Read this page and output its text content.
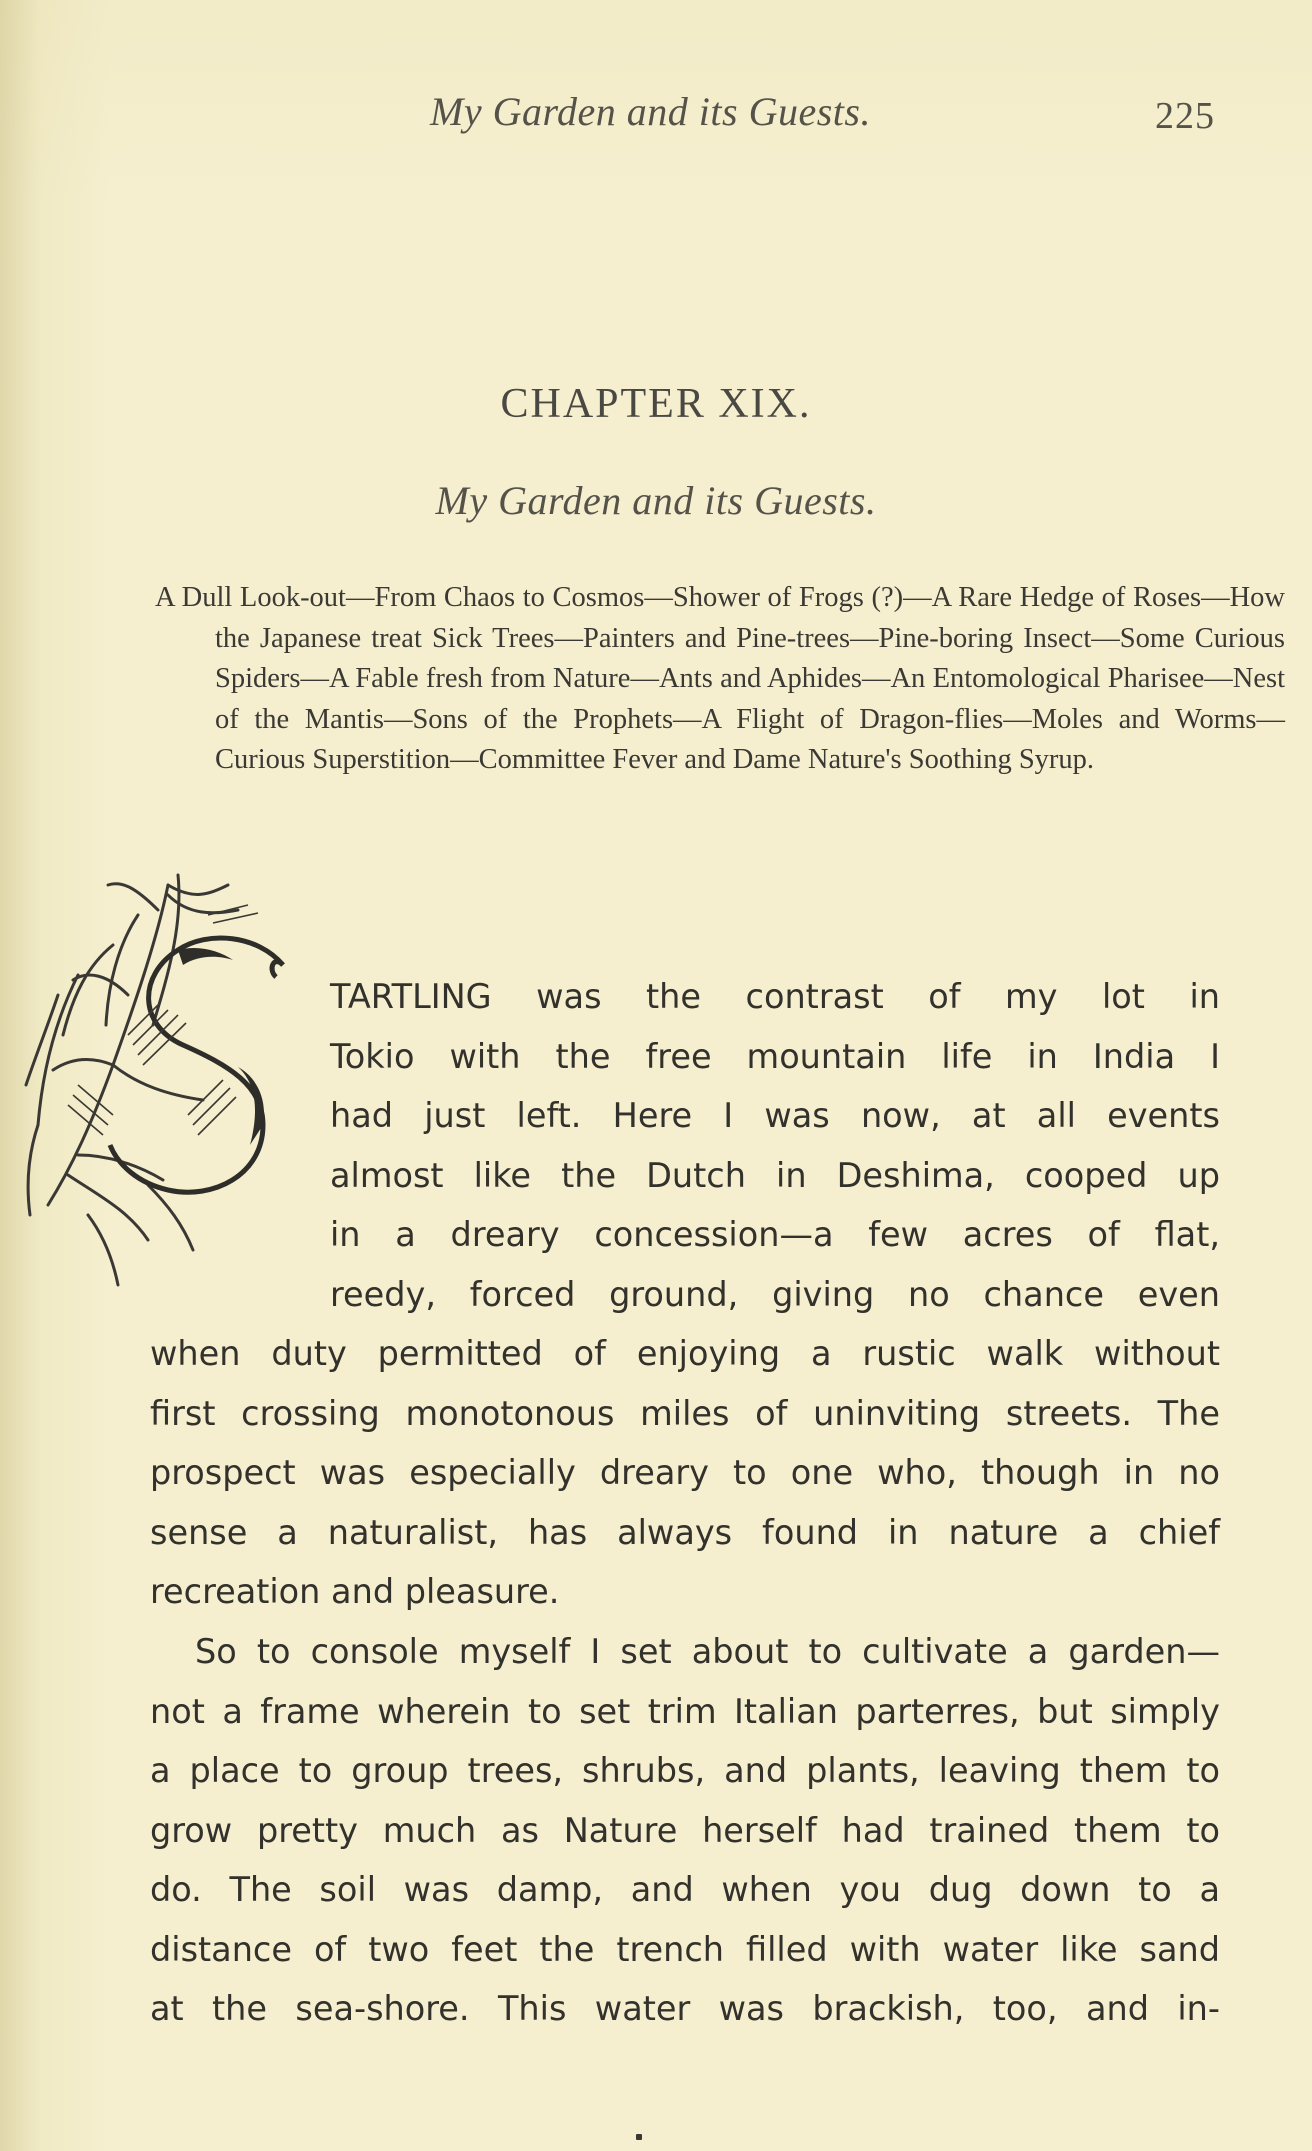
My Garden and its Guests.	225
CHAPTER XIX.
My Garden and its Guests.
A Dull Look-out—From Chaos to Cosmos—Shower of Frogs (?)—A Rare Hedge of Roses—How the Japanese treat Sick Trees—Painters and Pine-trees—Pine-boring Insect—Some Curious Spiders—A Fable fresh from Nature—Ants and Aphides—An Entomological Pharisee—Nest of the Mantis—Sons of the Prophets—A Flight of Dragon-flies—Moles and Worms—Curious Superstition—Committee Fever and Dame Nature's Soothing Syrup.
TARTLING was the contrast of my lot in
Tokio with the free mountain life in India I
had just left. Here I was now, at all events
almost like the Dutch in Deshima, cooped up
in a dreary concession—a few acres of flat,
reedy, forced ground, giving no chance even
when duty permitted of enjoying a rustic walk without
first crossing monotonous miles of uninviting streets. The
prospect was especially dreary to one who, though in no
sense a naturalist, has always found in nature a chief
recreation and pleasure.
So to console myself I set about to cultivate a garden—
not a frame wherein to set trim Italian parterres, but simply
a place to group trees, shrubs, and plants, leaving them to
grow pretty much as Nature herself had trained them to
do. The soil was damp, and when you dug down to a
distance of two feet the trench filled with water like sand
at the sea-shore. This water was brackish, too, and in-
